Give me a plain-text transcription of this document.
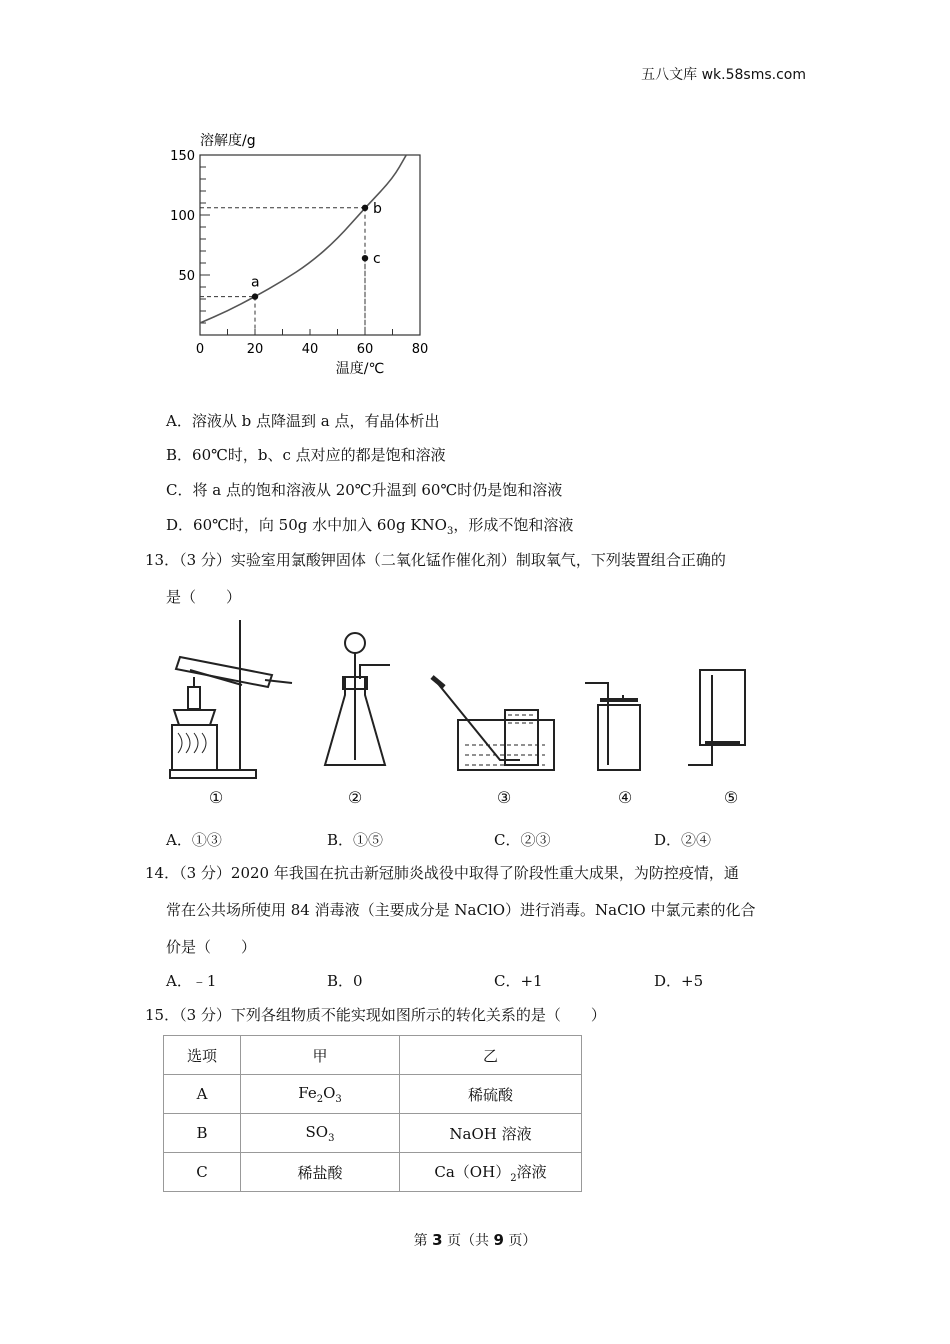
五八文库 wk.58sms.com
0	20	40	60	80
50
100
150
溶解度/g
温度/℃
a
b
c
A．溶液从 b 点降温到 a 点，有晶体析出
B．60℃时，b、c 点对应的都是饱和溶液
C．将 a 点的饱和溶液从 20℃升温到 60℃时仍是饱和溶液
D．60℃时，向 50g 水中加入 60g $KNO_3$，形成不饱和溶液
13．（3 分）实验室用氯酸钾固体（二氧化锰作催化剂）制取氧气，下列装置组合正确的
是（　　）
①	②	③	④	⑤
A．①③	B．①⑤	C．②③	D．②④
14．（3 分）2020 年我国在抗击新冠肺炎战役中取得了阶段性重大成果，为防控疫情，通
常在公共场所使用 84 消毒液（主要成分是 NaClO）进行消毒。NaClO 中氯元素的化合
价是（　　）
A．﹣1	B．0	C．+1	D．+5
15．（3 分）下列各组物质不能实现如图所示的转化关系的是（　　）
选项	甲	乙
A	$Fe_2O_3$	稀硫酸
B	$SO_3$	NaOH 溶液
C	稀盐酸	$Ca(OH)_2$溶液
第 3 页（共 9 页）
